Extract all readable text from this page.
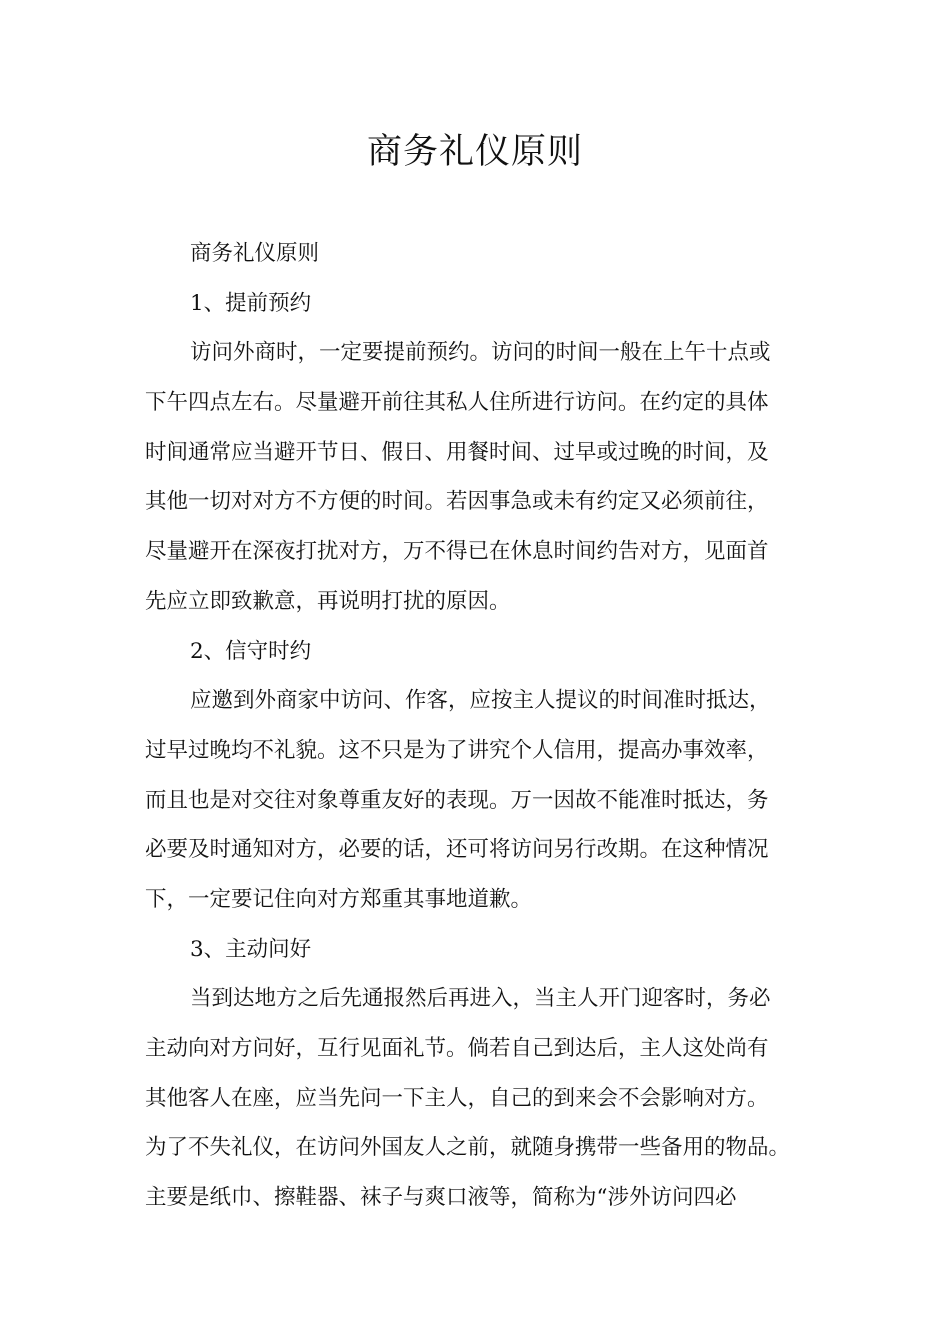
商务礼仪原则
商务礼仪原则
1、提前预约
访问外商时，一定要提前预约。访问的时间一般在上午十点或
下午四点左右。尽量避开前往其私人住所进行访问。在约定的具体
时间通常应当避开节日、假日、用餐时间、过早或过晚的时间，及
其他一切对对方不方便的时间。若因事急或未有约定又必须前往，
尽量避开在深夜打扰对方，万不得已在休息时间约告对方，见面首
先应立即致歉意，再说明打扰的原因。
2、信守时约
应邀到外商家中访问、作客，应按主人提议的时间准时抵达，
过早过晚均不礼貌。这不只是为了讲究个人信用，提高办事效率，
而且也是对交往对象尊重友好的表现。万一因故不能准时抵达，务
必要及时通知对方，必要的话，还可将访问另行改期。在这种情况
下，一定要记住向对方郑重其事地道歉。
3、主动问好
当到达地方之后先通报然后再进入，当主人开门迎客时，务必
主动向对方问好，互行见面礼节。倘若自己到达后，主人这处尚有
其他客人在座，应当先问一下主人，自己的到来会不会影响对方。
为了不失礼仪，在访问外国友人之前，就随身携带一些备用的物品。
主要是纸巾、擦鞋器、袜子与爽口液等，简称为“涉外访问四必
